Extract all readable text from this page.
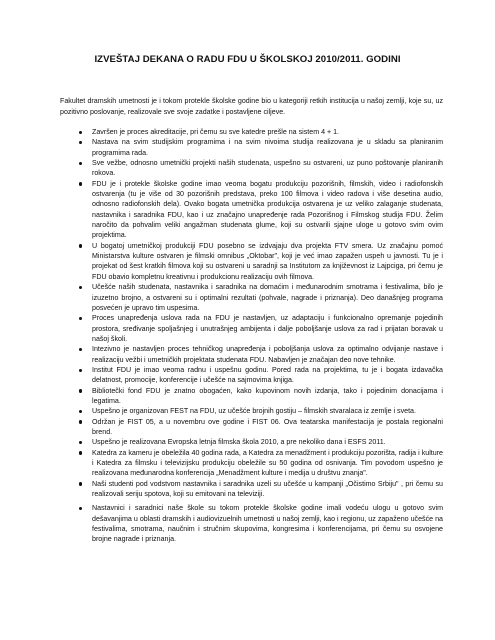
IZVEŠTAJ DEKANA O RADU FDU U ŠKOLSKOJ 2010/2011. GODINI
Fakultet dramskih umetnosti je i tokom protekle školske godine bio u kategoriji retkih institucija u našoj zemlji, koje su, uz pozitivno poslovanje, realizovale sve svoje zadatke i postavljene ciljeve.
Završen je proces akreditacije, pri čemu su sve katedre prešle na sistem 4 + 1.
Nastava na svim studijskim programima i na svim nivoima studija realizovana je u skladu sa planiranim programima rada.
Sve vežbe, odnosno umetnički projekti naših studenata, uspešno su ostvareni, uz puno poštovanje planiranih rokova.
FDU je i protekle školske godine imao veoma bogatu produkciju pozorišnih, filmskih, video i radiofonskih ostvarenja (tu je više od 30 pozorišnih predstava, preko 100 filmova i video radova i više desetina audio, odnosno radiofonskih dela). Ovako bogata umetnička produkcija ostvarena je uz veliko zalaganje studenata, nastavnika i saradnika FDU, kao i uz značajno unapređenje rada Pozorišnog i Filmskog studija FDU. Želim naročito da pohvalim veliki angažman studenata glume, koji su ostvarili sjajne uloge u gotovo svim ovim projektima.
U bogatoj umetničkoj produkciji FDU posebno se izdvajaju dva projekta FTV smera. Uz značajnu pomoć Ministarstva kulture ostvaren je filmski omnibus „Oktobar", koji je već imao zapažen uspeh u javnosti. Tu je i projekat od šest kratkih filmova koji su ostvareni u saradnji sa Institutom za književnost iz Lajpciga, pri čemu je FDU obavio kompletnu kreativnu i produkcionu realizaciju ovih filmova.
Učešće naših studenata, nastavnika i saradnika na domaćim i međunarodnim smotrama i festivalima, bilo je izuzetno brojno, a ostvareni su i optimalni rezultati (pohvale, nagrade i priznanja). Deo današnjeg programa posvećen je upravo tim uspesima.
Proces unapređenja uslova rada na FDU je nastavljen, uz adaptaciju i funkcionalno opremanje pojedinih prostora, sređivanje spoljašnjeg i unutrašnjeg ambijenta i dalje poboljšanje uslova za rad i prijatan boravak u našoj školi.
Intezivno je nastavljen proces tehničkog unapređenja i poboljšanja uslova za optimalno odvijanje nastave i realizaciju vežbi i umetničkih projektata studenata FDU. Nabavljen je značajan deo nove tehnike.
Institut FDU je imao veoma radnu i uspešnu godinu. Pored rada na projektima, tu je i bogata izdavačka delatnost, promocije, konferencije i učešće na sajmovima knjiga.
Bibliotečki fond FDU je znatno obogaćen, kako kupovinom novih izdanja, tako i pojedinim donacijama i legatima.
Uspešno je organizovan FEST na FDU, uz učešće brojnih gostiju – filmskih stvaralaca iz zemlje i sveta.
Održan je FIST 05, a u novembru ove godine i FIST 06. Ova teatarska manifestacija je postala regionalni brend.
Uspešno je realizovana Evropska letnja filmska škola 2010, a pre nekoliko dana i ESFS 2011.
Katedra za kameru je obeležila 40 godina rada, a Katedra za menadžment i produkciju pozorišta, radija i kulture i Katedra za filmsku i televizijsku produkciju obeležile su 50 godina od osnivanja. Tim povodom uspešno je realizovana međunarodna konferencija „Menadžment kulture i medija u društvu znanja".
Naši studenti pod vodstvom nastavnika i saradnika uzeli su učešće u kampanji „Očistimo Srbiju" , pri čemu su realizovali seriju spotova, koji su emitovani na televiziji.
Nastavnici i saradnici naše škole su tokom protekle školske godine imali vodeću ulogu u gotovo svim dešavanjima u oblasti dramskih i audiovizuelnih umetnosti u našoj zemlji, kao i regionu, uz zapaženo učešće na festivalima, smotrama, naučnim i stručnim skupovima, kongresima i konferencijama, pri čemu su osvojene brojne nagrade i priznanja.
